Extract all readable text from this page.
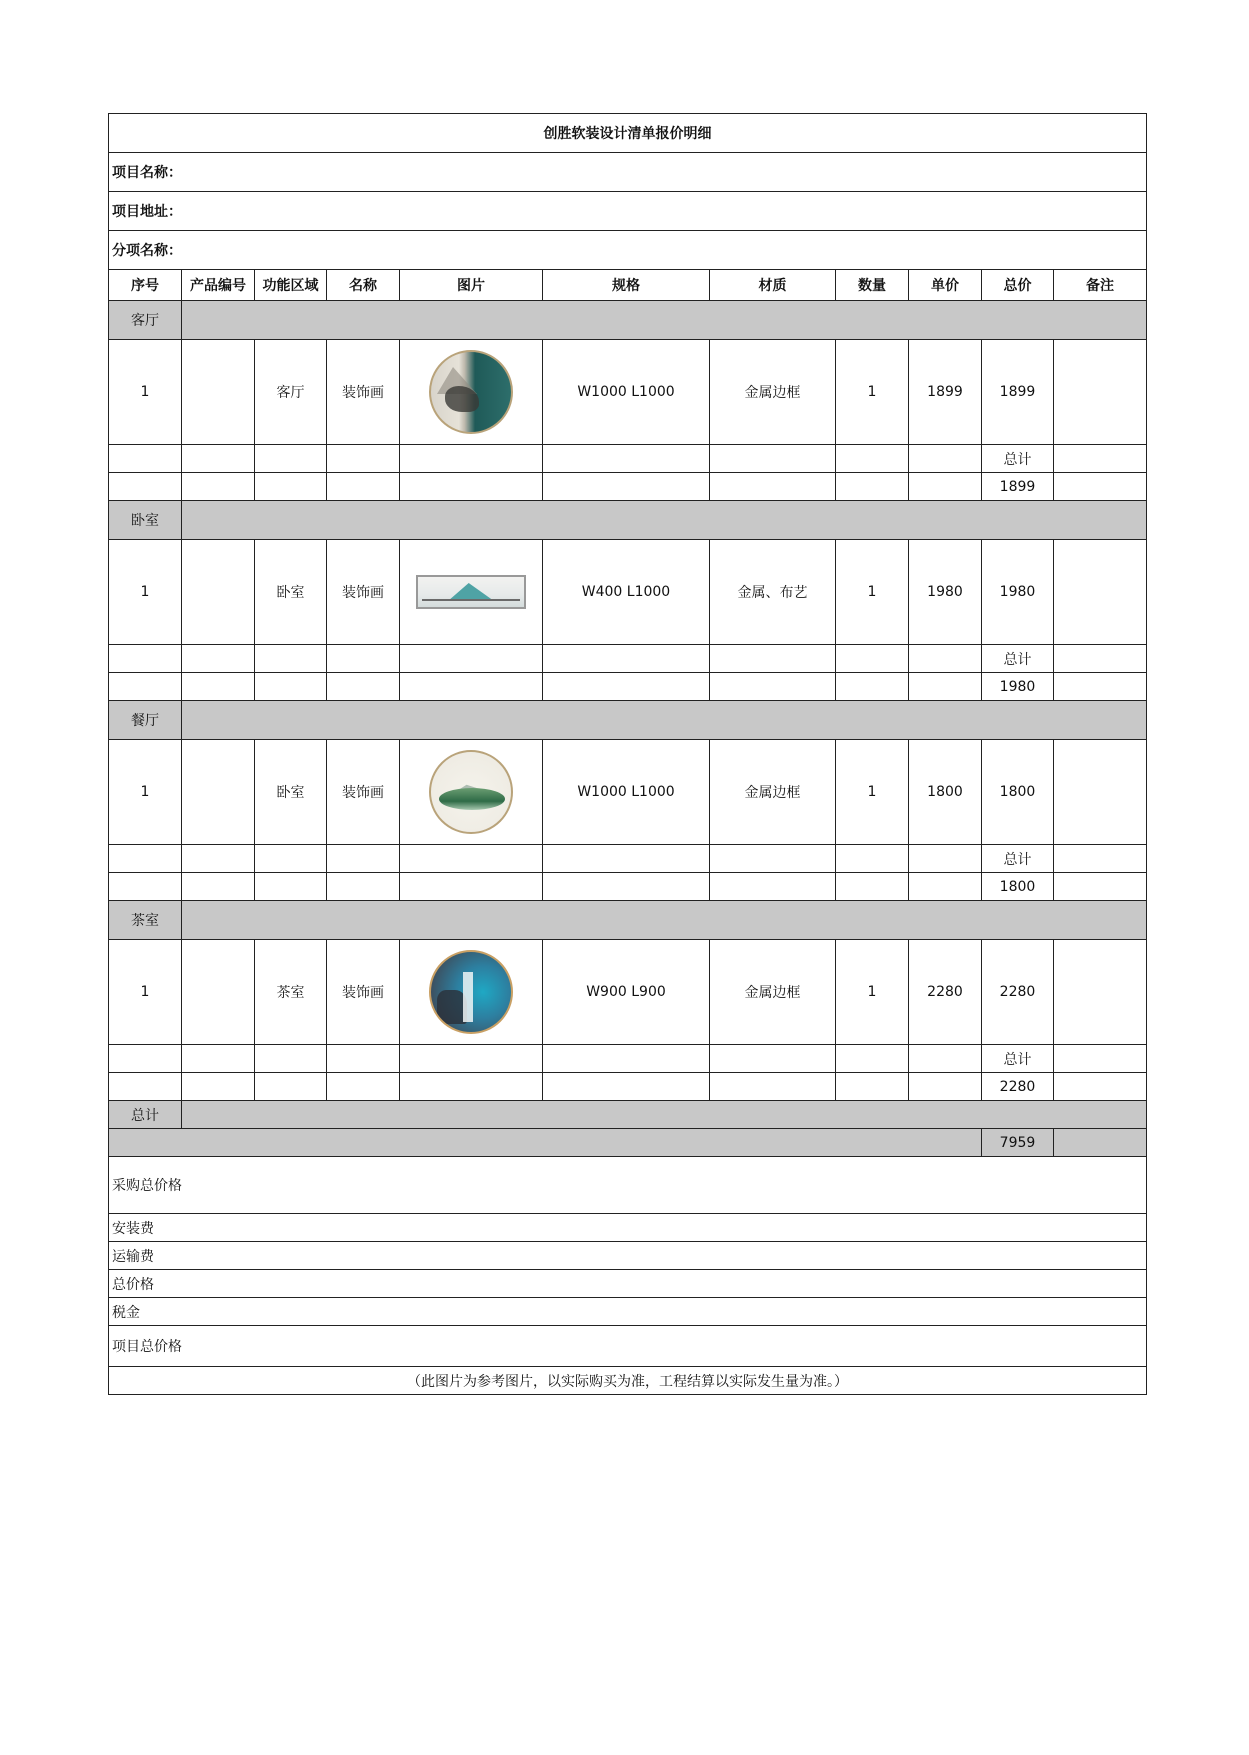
创胜软装设计清单报价明细										
项目名称：										
项目地址：										
分项名称：										
序号	产品编号	功能区域	名称	图片	规格	材质	数量	单价	总价	备注
客厅										
1		客厅	装饰画		W1000 L1000	金属边框	1	1899	1899	
									总计	
									1899	
卧室										
1		卧室	装饰画		W400 L1000	金属、布艺	1	1980	1980	
									总计	
									1980	
餐厅										
1		卧室	装饰画		W1000 L1000	金属边框	1	1800	1800	
									总计	
									1800	
茶室										
1		茶室	装饰画		W900 L900	金属边框	1	2280	2280	
									总计	
									2280	
总计										
									7959	
采购总价格										
安装费										
运输费										
总价格										
税金										
项目总价格										
（此图片为参考图片，以实际购买为准，工程结算以实际发生量为准。）										
